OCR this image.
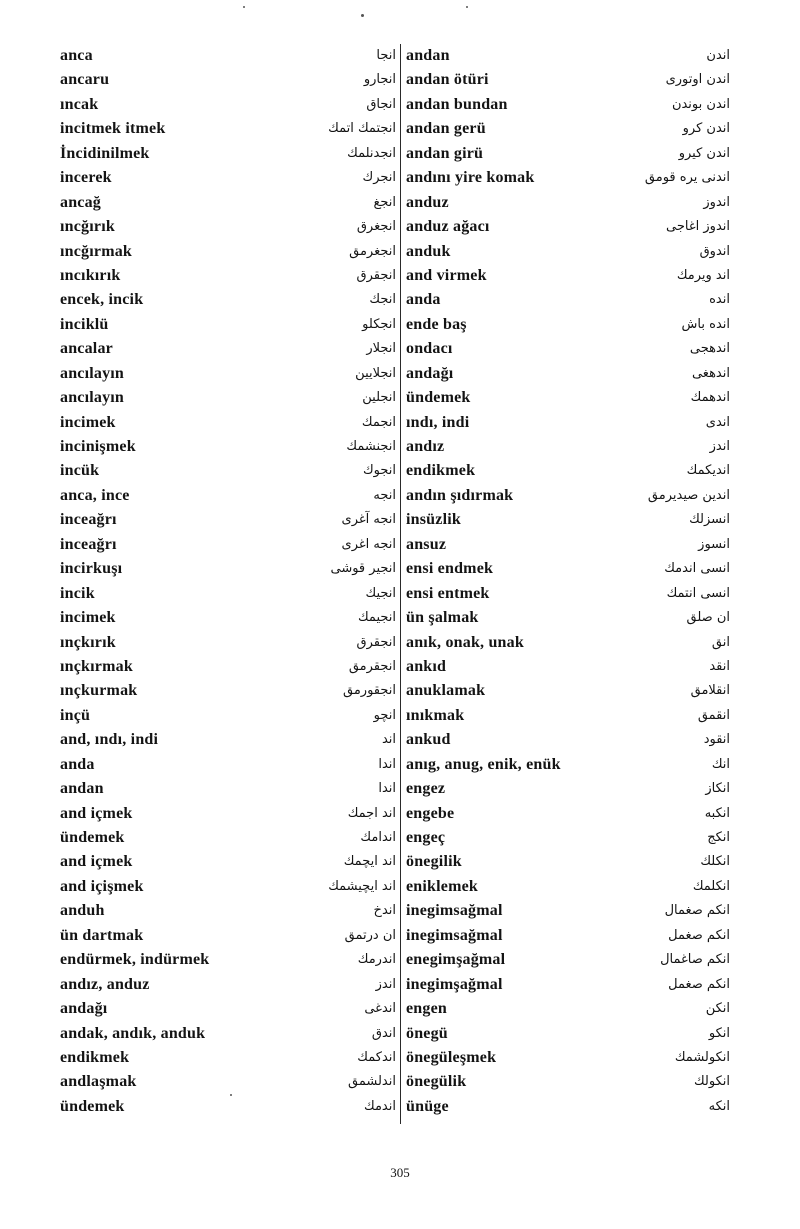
anca	انجا
ancaru	انجارو
ıncak	انجاق
incitmek itmek	انجتمك اتمك
İncidinilmek	انجدنلمك
incerek	انجرك
ancağ	انجغ
ıncğırık	انجغرق
ıncğırmak	انجغرمق
ıncıkırık	انجقرق
encek, incik	انجك
inciklü	انجكلو
ancalar	انجلار
ancılayın	انجلايين
ancılayın	انجلين
incimek	انجمك
incinişmek	انجنشمك
incük	انجوك
anca, ince	انجه
inceağrı	انجه آغرى
inceağrı	انجه اغرى
incirkuşı	انجير قوشى
incik	انجيك
incimek	انجيمك
ınçkırık	انجقرق
ınçkırmak	انجقرمق
ınçkurmak	انجقورمق
inçü	انچو
and, ındı, indi	اند
anda	اندا
andan	اندا
and içmek	اند اجمك
ündemek	اندامك
and içmek	اند ايچمك
and içişmek	اند ايچيشمك
anduh	اندخ
ün dartmak	ان درتمق
endürmek, indürmek	اندرمك
andız, anduz	اندز
andağı	اندغى
andak, andık, anduk	اندق
endikmek	اندكمك
andlaşmak	اندلشمق
ündemek	اندمك
andan	اندن
andan ötüri	اندن اوتوری
andan bundan	اندن بوندن
andan gerü	اندن كرو
andan girü	اندن كيرو
andını yire komak	اندنى يره قومق
anduz	اندوز
anduz ağacı	اندوز اغاجى
anduk	اندوق
and virmek	اند ويرمك
anda	انده
ende baş	انده باش
ondacı	اندهجى
andağı	اندهغى
ündemek	اندهمك
ındı, indi	اندى
andız	اندز
endikmek	انديكمك
andın şıdırmak	اندين صيديرمق
insüzlik	انسزلك
ansuz	انسوز
ensi endmek	انسى اندمك
ensi entmek	انسى انتمك
ün şalmak	ان صلق
anık, onak, unak	انق
ankıd	انقد
anuklamak	انقلامق
ınıkmak	انقمق
ankud	انقود
anıg, anug, enik, enük	انك
engez	انكاز
engebe	انكبه
engeç	انكج
önegilik	انكلك
eniklemek	انكلمك
inegimsağmal	انكم صغمال
inegimsağmal	انكم صغمل
enegimşağmal	انكم صاغمال
inegimşağmal	انكم صغمل
engen	انكن
önegü	انكو
önegüleşmek	انكولشمك
önegülik	انكولك
ünüge	انكه
305
